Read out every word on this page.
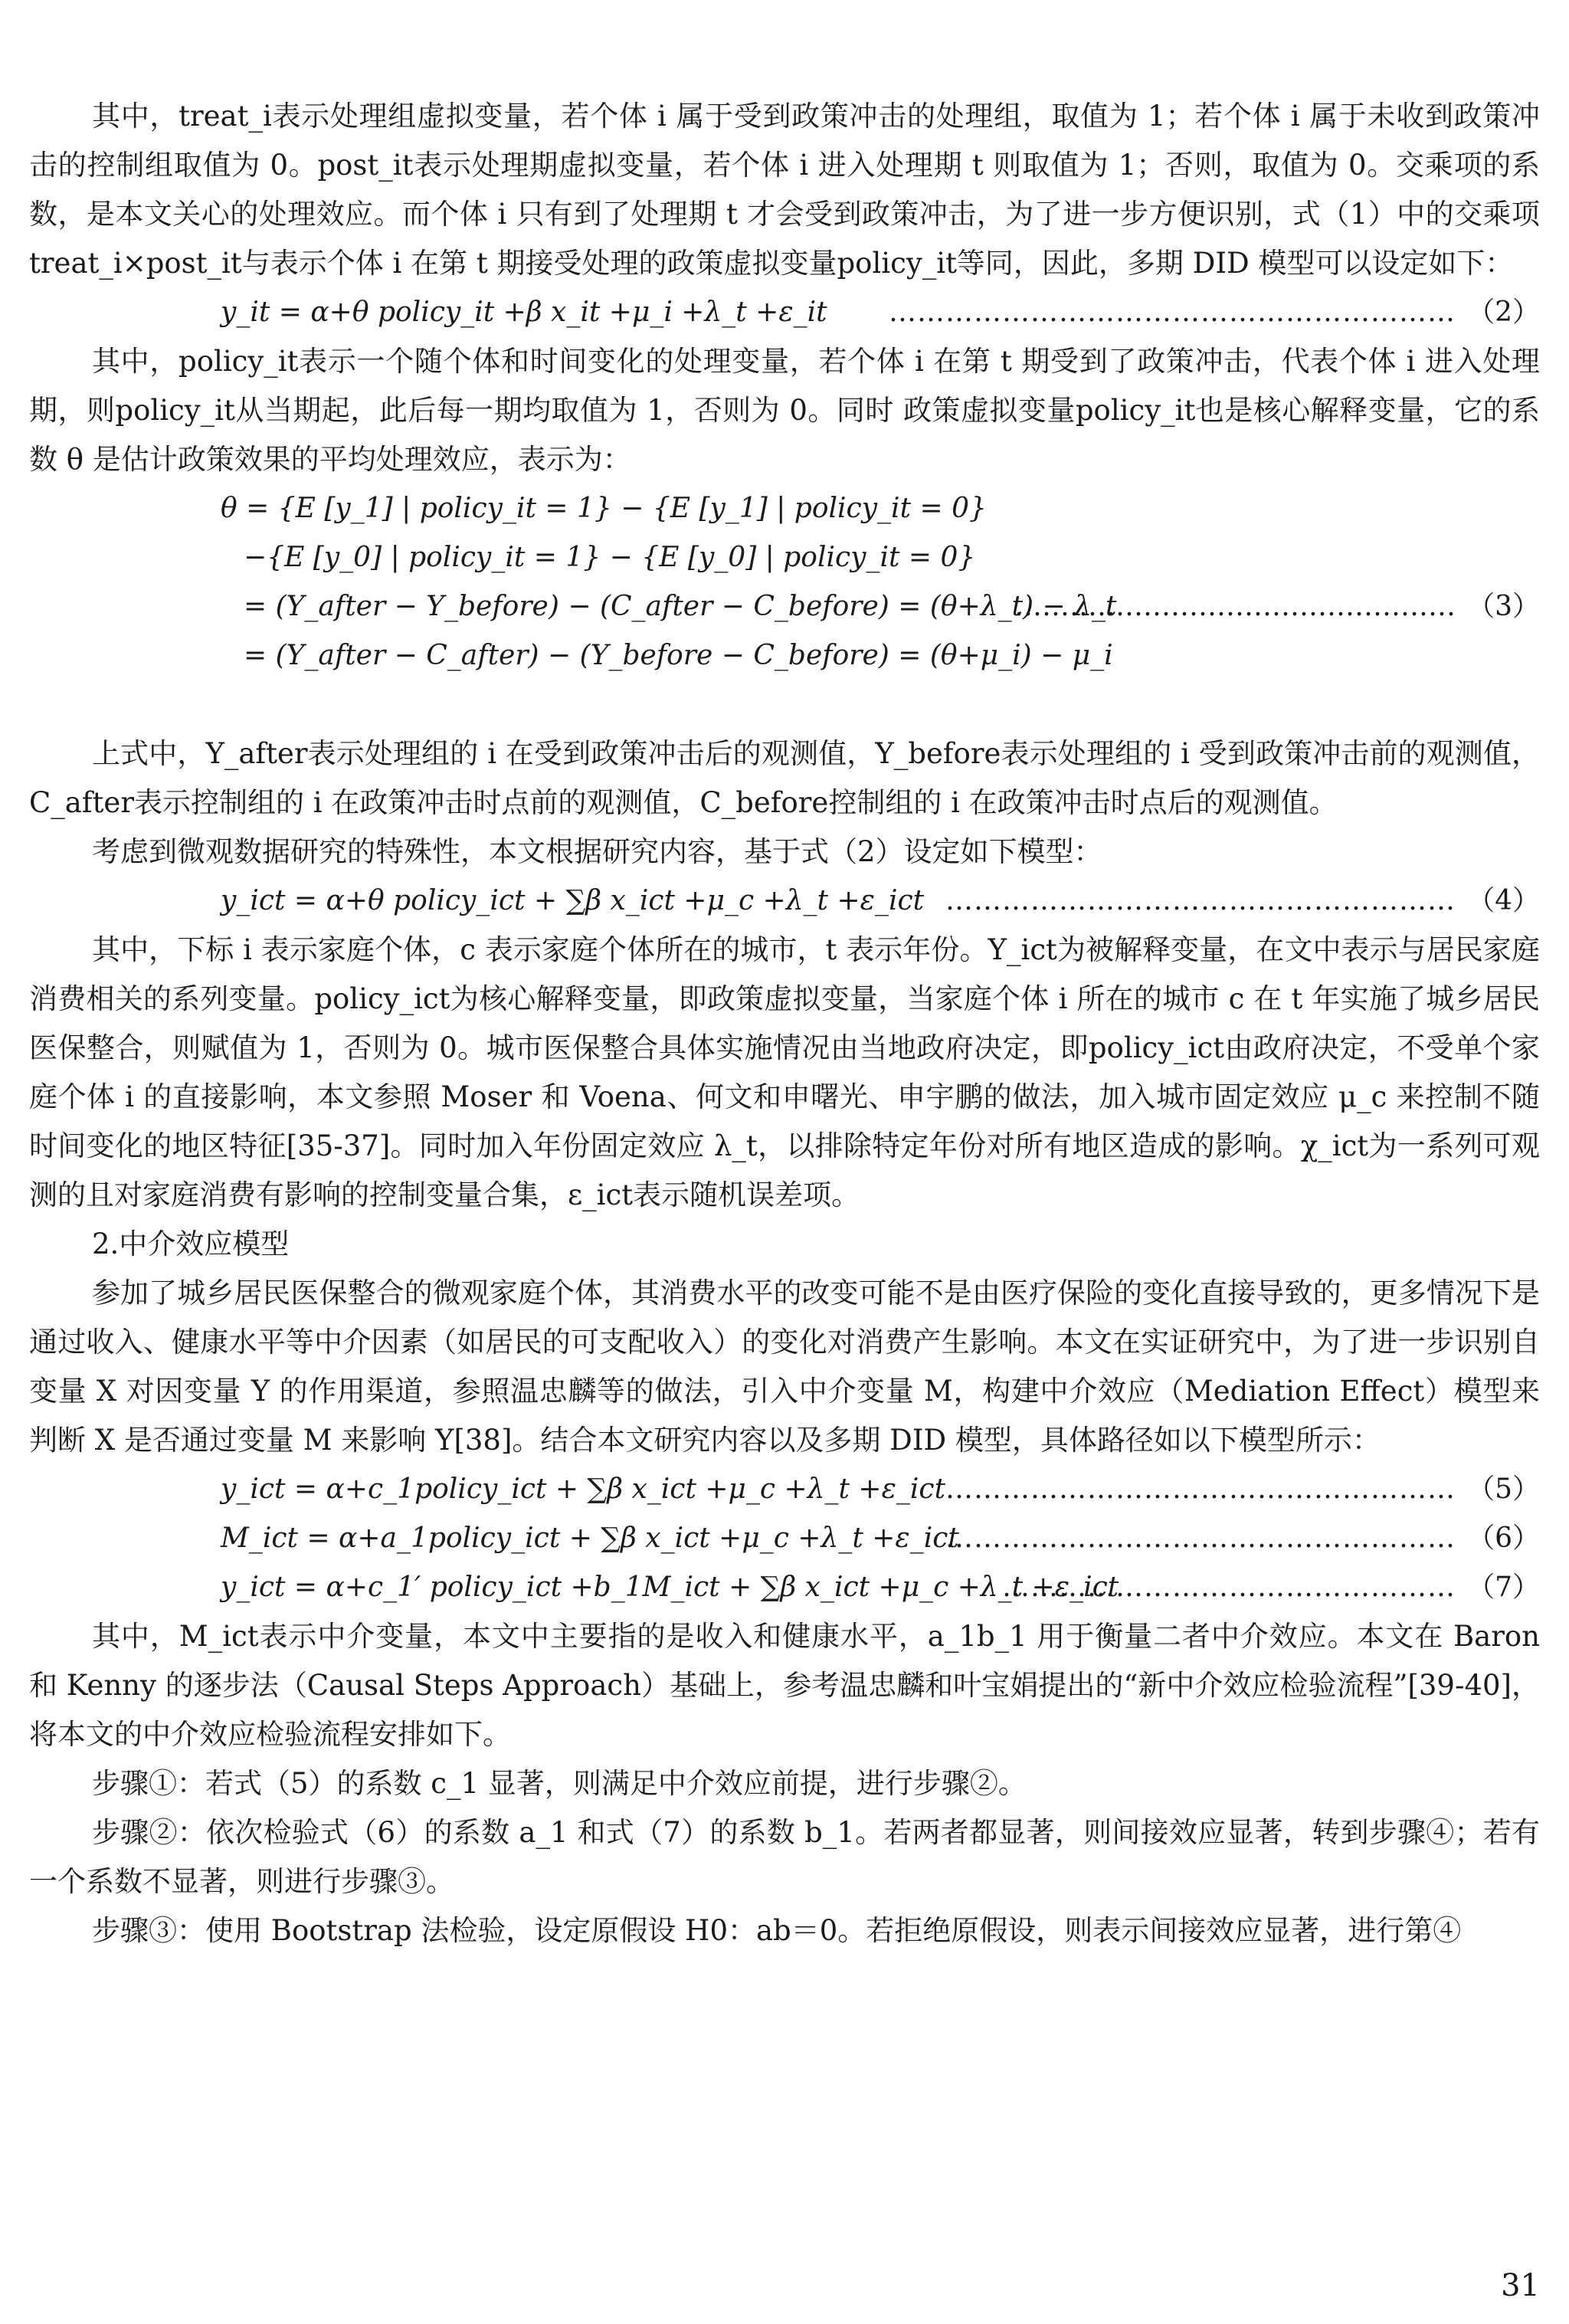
其中，treat_i表示处理组虚拟变量，若个体 i 属于受到政策冲击的处理组，取值为 1；若个体 i 属于未收到政策冲击的控制组取值为 0。post_it表示处理期虚拟变量，若个体 i 进入处理期 t 则取值为 1；否则，取值为 0。交乘项的系数，是本文关心的处理效应。而个体 i 只有到了处理期 t 才会受到政策冲击，为了进一步方便识别，式（1）中的交乘项treat_i×post_it与表示个体 i 在第 t 期接受处理的政策虚拟变量policy_it等同，因此，多期 DID 模型可以设定如下：

y_it = α+θ policy_it +β x_it +μ_i +λ_t +ε_it …………………………………………………… （2）

其中，policy_it表示一个随个体和时间变化的处理变量，若个体 i 在第 t 期受到了政策冲击，代表个体 i 进入处理期，则policy_it从当期起，此后每一期均取值为 1，否则为 0。同时 政策虚拟变量policy_it也是核心解释变量，它的系数 θ 是估计政策效果的平均处理效应，表示为：

θ = {E [y_1] | policy_it = 1} − {E [y_1] | policy_it = 0}
−{E [y_0] | policy_it = 1} − {E [y_0] | policy_it = 0}
= (Y_after − Y_before) − (C_after − C_before) = (θ+λ_t) − λ_t
= (Y_after − C_after) − (Y_before − C_before) = (θ+μ_i) − μ_i
………………………………………… （3）

上式中，Y_after表示处理组的 i 在受到政策冲击后的观测值，Y_before表示处理组的 i 受到政策冲击前的观测值，C_after表示控制组的 i 在政策冲击时点前的观测值，C_before控制组的 i 在政策冲击时点后的观测值。

考虑到微观数据研究的特殊性，本文根据研究内容，基于式（2）设定如下模型：

y_ict = α+θ policy_ict + ∑β x_ict +μ_c +λ_t +ε_ict ……………………………………………… （4）

其中，下标 i 表示家庭个体，c 表示家庭个体所在的城市，t 表示年份。Y_ict为被解释变量，在文中表示与居民家庭消费相关的系列变量。policy_ict为核心解释变量，即政策虚拟变量，当家庭个体 i 所在的城市 c 在 t 年实施了城乡居民医保整合，则赋值为 1，否则为 0。城市医保整合具体实施情况由当地政府决定，即policy_ict由政府决定，不受单个家庭个体 i 的直接影响，本文参照 Moser 和 Voena、何文和申曙光、申宇鹏的做法，加入城市固定效应 μ_c 来控制不随时间变化的地区特征[35-37]。同时加入年份固定效应 λ_t，以排除特定年份对所有地区造成的影响。χ_ict为一系列可观测的且对家庭消费有影响的控制变量合集，ε_ict表示随机误差项。

2.中介效应模型

参加了城乡居民医保整合的微观家庭个体，其消费水平的改变可能不是由医疗保险的变化直接导致的，更多情况下是通过收入、健康水平等中介因素（如居民的可支配收入）的变化对消费产生影响。本文在实证研究中，为了进一步识别自变量 X 对因变量 Y 的作用渠道，参照温忠麟等的做法，引入中介变量 M，构建中介效应（Mediation Effect）模型来判断 X 是否通过变量 M 来影响 Y[38]。结合本文研究内容以及多期 DID 模型，具体路径如以下模型所示：

y_ict = α+c_1policy_ict + ∑β x_ict +μ_c +λ_t +ε_ict ……………………………………………… （5）
M_ict = α+a_1policy_ict + ∑β x_ict +μ_c +λ_t +ε_ict
……………………………………………… （6）
y_ict = α+c_1′ policy_ict +b_1M_ict + ∑β x_ict +μ_c +λ_t +ε_ict
………………………………………… （7）

其中，M_ict表示中介变量，本文中主要指的是收入和健康水平，a_1b_1 用于衡量二者中介效应。本文在 Baron 和 Kenny 的逐步法（Causal Steps Approach）基础上，参考温忠麟和叶宝娟提出的“新中介效应检验流程”[39-40]，将本文的中介效应检验流程安排如下。

步骤①：若式（5）的系数 c_1 显著，则满足中介效应前提，进行步骤②。

步骤②：依次检验式（6）的系数 a_1 和式（7）的系数 b_1。若两者都显著，则间接效应显著，转到步骤④；若有一个系数不显著，则进行步骤③。

步骤③：使用 Bootstrap 法检验，设定原假设 H0：ab＝0。若拒绝原假设，则表示间接效应显著，进行第④

31
